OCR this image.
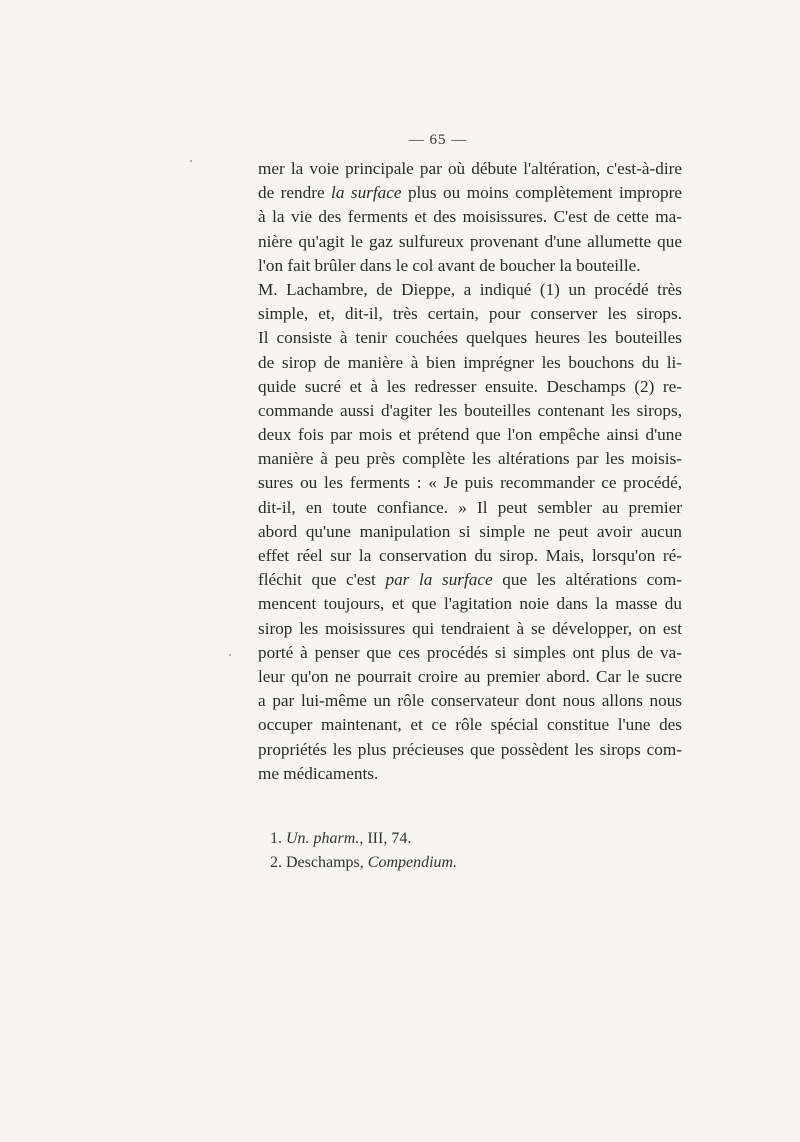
— 65 —
mer la voie principale par où débute l'altération, c'est-à-dire
de rendre la surface plus ou moins complètement impropre
à la vie des ferments et des moisissures. C'est de cette ma-
nière qu'agit le gaz sulfureux provenant d'une allumette que
l'on fait brûler dans le col avant de boucher la bouteille.
M. Lachambre, de Dieppe, a indiqué (1) un procédé très
simple, et, dit-il, très certain, pour conserver les sirops.
Il consiste à tenir couchées quelques heures les bouteilles
de sirop de manière à bien imprégner les bouchons du li-
quide sucré et à les redresser ensuite. Deschamps (2) re-
commande aussi d'agiter les bouteilles contenant les sirops,
deux fois par mois et prétend que l'on empêche ainsi d'une
manière à peu près complète les altérations par les moisis-
sures ou les ferments : « Je puis recommander ce procédé,
dit-il, en toute confiance. » Il peut sembler au premier
abord qu'une manipulation si simple ne peut avoir aucun
effet réel sur la conservation du sirop. Mais, lorsqu'on ré-
fléchit que c'est par la surface que les altérations com-
mencent toujours, et que l'agitation noie dans la masse du
sirop les moisissures qui tendraient à se développer, on est
porté à penser que ces procédés si simples ont plus de va-
leur qu'on ne pourrait croire au premier abord. Car le sucre
a par lui-même un rôle conservateur dont nous allons nous
occuper maintenant, et ce rôle spécial constitue l'une des
propriétés les plus précieuses que possèdent les sirops com-
me médicaments.
1. Un. pharm., III, 74.
2. Deschamps, Compendium.
